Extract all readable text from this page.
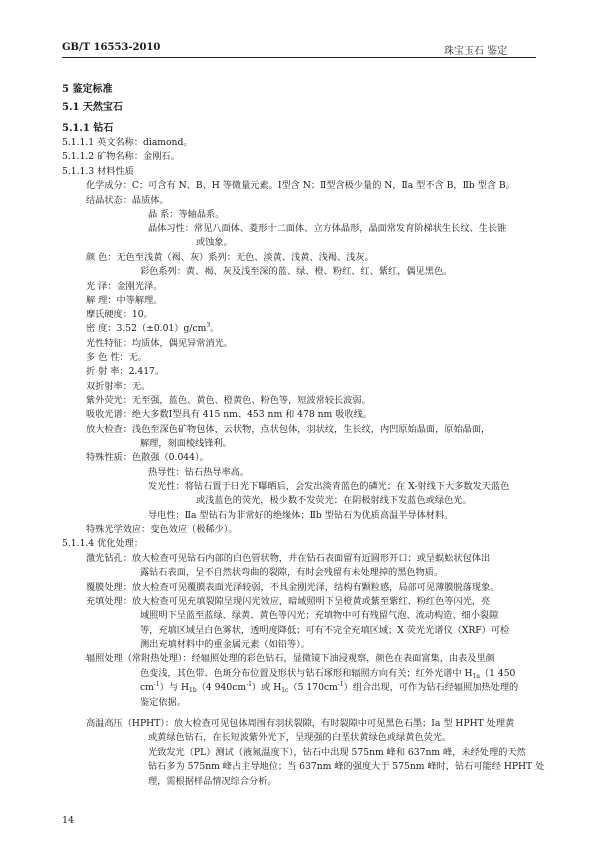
GB/T 16553-2010	珠宝玉石 鉴定
5 鉴定标准
5.1 天然宝石
5.1.1 钻石
5.1.1.1 英文名称：diamond。
5.1.1.2 矿物名称：金刚石。
5.1.1.3 材料性质
化学成分：C；可含有 N、B、H 等微量元素。Ⅰ型含 N；Ⅱ型含极少量的 N，Ⅱa 型不含 B，Ⅱb 型含 B。
结晶状态：晶质体。
晶 系：等轴晶系。
晶体习性：常见八面体、菱形十二面体、立方体晶形，晶面常发育阶梯状生长纹、生长锥
或蚀象。
颜 色：无色至浅黄（褐、灰）系列：无色、淡黄、浅黄、浅褐、浅灰。
彩色系列：黄、褐、灰及浅至深的蓝、绿、橙、粉红、红、紫红，偶见黑色。
光 泽：金刚光泽。
解 理：中等解理。
摩氏硬度：10。
密 度：$3.52(\pm 0.01)g/cm^3$。
光性特征：均质体，偶见异常消光。
多 色 性：无。
折 射 率：2.417。
双折射率：无。
紫外荧光：无至强，蓝色、黄色、橙黄色、粉色等，短波常较长波弱。
吸收光谱：绝大多数Ⅰ型具有 415 nm、453 nm 和 478 nm 吸收线。
放大检查：浅色至深色矿物包体，云状物，点状包体，羽状纹，生长纹，内凹原始晶面，原始晶面，
解理，刻面棱线锋利。
特殊性质：色散强（0.044）。
热导性：钻石热导率高。
发光性：将钻石置于日光下曝晒后，会发出淡青蓝色的磷光；在 X-射线下大多数发天蓝色
或浅蓝色的荧光，极少数不发荧光；在阴极射线下发蓝色或绿色光。
导电性：Ⅱa 型钻石为非常好的绝缘体；Ⅱb 型钻石为优质高温半导体材料。
特殊光学效应：变色效应（极稀少）。
5.1.1.4 优化处理：
激光钻孔：放大检查可见钻石内部的白色管状物，并在钻石表面留有近圆形开口；或呈蜈蚣状包体出
露钻石表面，呈不自然状弯曲的裂隙，有时会残留有未处理掉的黑色物质。
覆膜处理：放大检查可见覆膜表面光泽较弱，不具金刚光泽，结构有颗粒感，局部可见薄膜脱落现象。
充填处理：放大检查可见充填裂隙呈现闪光效应，暗域照明下呈橙黄或紫至紫红、粉红色等闪光，亮
域照明下呈蓝至蓝绿、绿黄、黄色等闪光；充填物中可有残留气泡、流动构造、细小裂隙
等，充填区域呈白色雾状，透明度降低；可有不完全充填区域；X 荧光光谱仪（XRF）可检
测出充填材料中的重金属元素（如铅等）。
辐照处理（常附热处理）：经辐照处理的彩色钻石，显微镜下油浸观察，颜色在表面富集，由表及里颜
色变浅，其色带、色斑分布位置及形状与钻石琢形和辐照方向有关；红外光谱中 $H_{1a}(1$ 450
$cm^{-1}$）与 $H_{1b}(4$ $940cm^{-1}$）或 $H_{1c}(5$ $170cm^{-1}$）组合出现，可作为钻石经辐照加热处理的
鉴定依据。
高温高压（HPHT）：放大检查可见包体周围有羽状裂隙，有时裂隙中可见黑色石墨；Ⅰa 型 HPHT 处理黄
或黄绿色钻石，在长短波紫外光下，呈现强的白垩状黄绿色或绿黄色荧光。
光致发光（PL）测试（液氮温度下），钻石中出现 575nm 峰和 637nm 峰，未经处理的天然
钻石多为 575nm 峰占主导地位；当 637nm 峰的强度大于 575nm 峰时，钻石可能经 HPHT 处
理，需根据样品情况综合分析。
14
